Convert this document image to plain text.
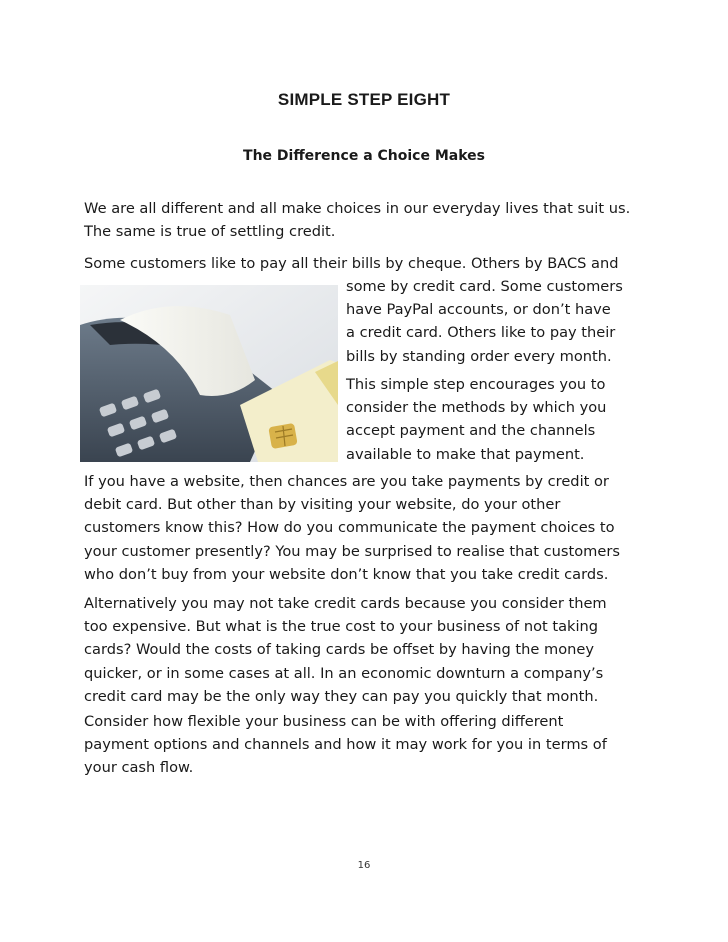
SIMPLE STEP EIGHT
The Difference a Choice Makes
We are all different and all make choices in our everyday lives that suit us.
The same is true of settling credit.
Some customers like to pay all their bills by cheque. Others by BACS and
some by credit card. Some customers
have PayPal accounts, or don’t have
a credit card. Others like to pay their
bills by standing order every month.
This simple step encourages you to
consider the methods by which you
accept payment and the channels
available to make that payment.
If you have a website, then chances are you take payments by credit or
debit card. But other than by visiting your website, do your other
customers know this? How do you communicate the payment choices to
your customer presently? You may be surprised to realise that customers
who don’t buy from your website don’t know that you take credit cards.
Alternatively you may not take credit cards because you consider them
too expensive. But what is the true cost to your business of not taking
cards? Would the costs of taking cards be offset by having the money
quicker, or in some cases at all. In an economic downturn a company’s
credit card may be the only way they can pay you quickly that month.
Consider how flexible your business can be with offering different
payment options and channels and how it may work for you in terms of
your cash flow.
16
